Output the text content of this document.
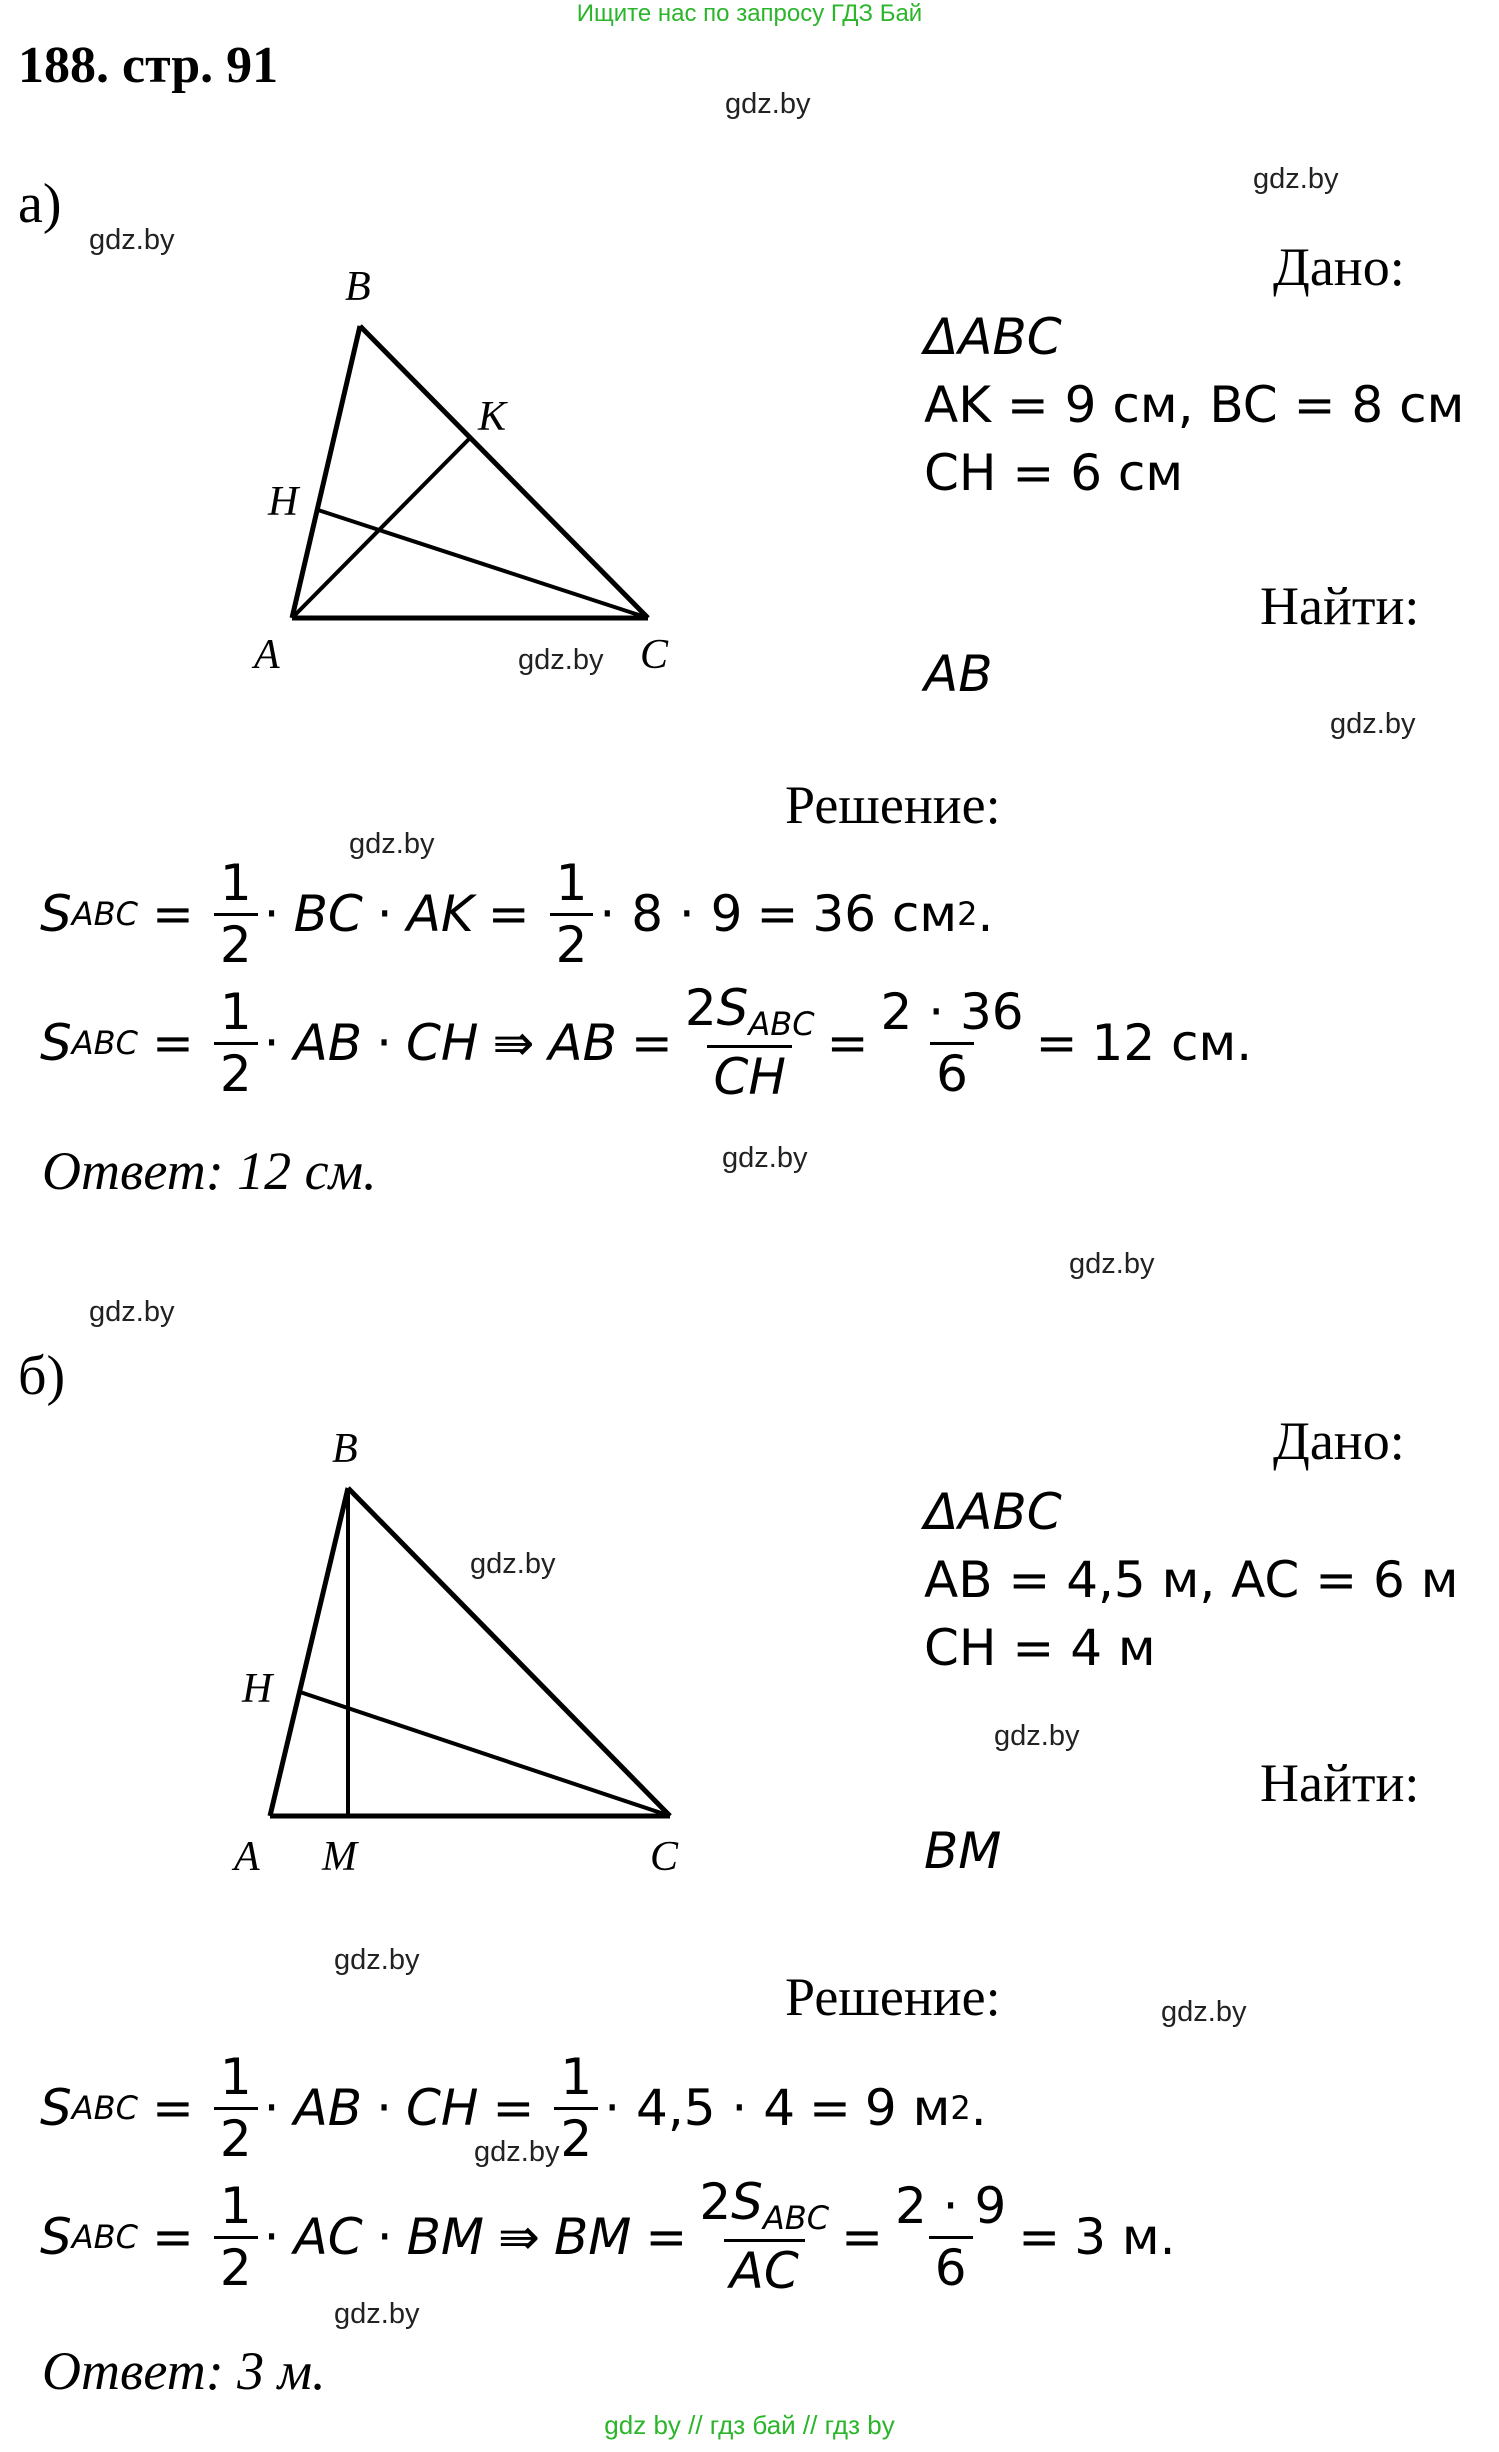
Ищите нас по запросу ГДЗ Бай
188. стр. 91
gdz.by
gdz.by
gdz.by
gdz.by
gdz.by
gdz.by
gdz.by
gdz.by
gdz.by
gdz.by
gdz.by
gdz.by
gdz.by
gdz.by
gdz.by
а)
B
K
H
A	C
Дано:
ΔABC
AK = 9 см, BC = 8 см
CH = 6 см
Найти:
AB
Решение:
S ABC = $\frac{1}{2}$ · BC · AK = $\frac{1}{2} \cdot 8 \cdot 9 = 36$ см 2 .
S ABC = $\frac{1}{2}$ · AB · CH ⇛ AB = $\frac{2S_{ABC}}{CH} = \frac{2 \cdot 36}{6} = 12$ см.
Ответ: 12 см.
б)
B
H
A M	C
Дано:
ΔABC
AB = 4,5 м, AC = 6 м
CH = 4 м
Найти:
BM
Решение:
S ABC = $\frac{1}{2}$ · AB · CH = $\frac{1}{2} \cdot 4,5 \cdot 4 = 9$ м 2 .
S ABC = $\frac{1}{2}$ · AC · BM ⇛ BM = $\frac{2S_{ABC}}{AC} = \frac{2 \cdot 9}{6} = 3$ м.
Ответ: 3 м.
gdz by // гдз бай // гдз by
